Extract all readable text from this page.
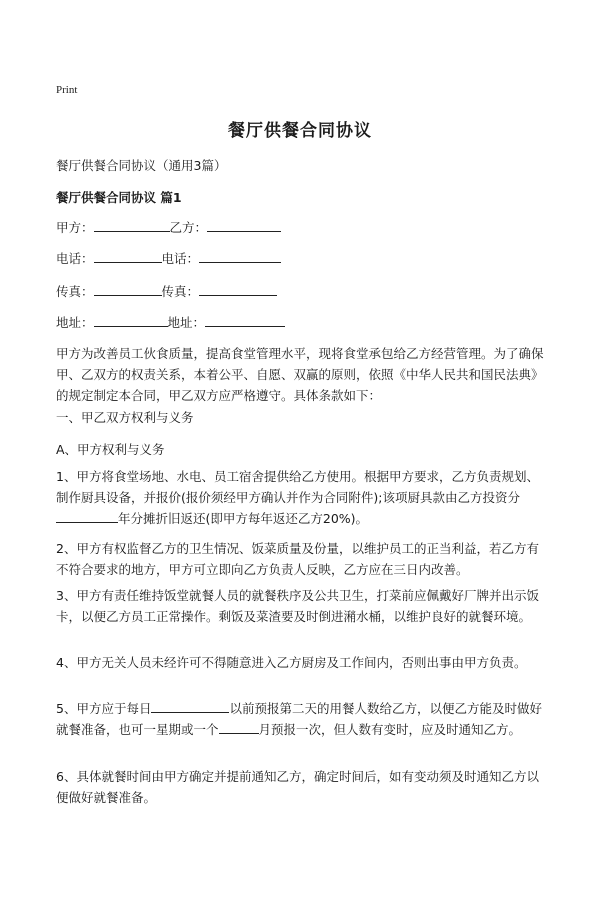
Print
餐厅供餐合同协议
餐厅供餐合同协议（通用3篇）
餐厅供餐合同协议 篇1
甲方：	乙方：
电话：	电话：
传真：	传真：
地址：	地址：
甲方为改善员工伙食质量，提高食堂管理水平，现将食堂承包给乙方经营管理。为了确保甲、乙双方的权责关系，本着公平、自愿、双赢的原则，依照《中华人民共和国民法典》的规定制定本合同，甲乙双方应严格遵守。具体条款如下：
一、甲乙双方权利与义务
A、甲方权利与义务
1、甲方将食堂场地、水电、员工宿舍提供给乙方使用。根据甲方要求，乙方负责规划、制作厨具设备，并报价(报价须经甲方确认并作为合同附件);该项厨具款由乙方投资分年分摊折旧返还(即甲方每年返还乙方20%)。
2、甲方有权监督乙方的卫生情况、饭菜质量及份量，以维护员工的正当利益，若乙方有不符合要求的地方，甲方可立即向乙方负责人反映，乙方应在三日内改善。
3、甲方有责任维持饭堂就餐人员的就餐秩序及公共卫生，打菜前应佩戴好厂牌并出示饭卡，以便乙方员工正常操作。剩饭及菜渣要及时倒进潲水桶，以维护良好的就餐环境。
4、甲方无关人员未经许可不得随意进入乙方厨房及工作间内，否则出事由甲方负责。
5、甲方应于每日	以前预报第二天的用餐人数给乙方，以便乙方能及时做好就餐准备，也可一星期或一个	月预报一次，但人数有变时，应及时通知乙方。
6、具体就餐时间由甲方确定并提前通知乙方，确定时间后，如有变动须及时通知乙方以便做好就餐准备。
